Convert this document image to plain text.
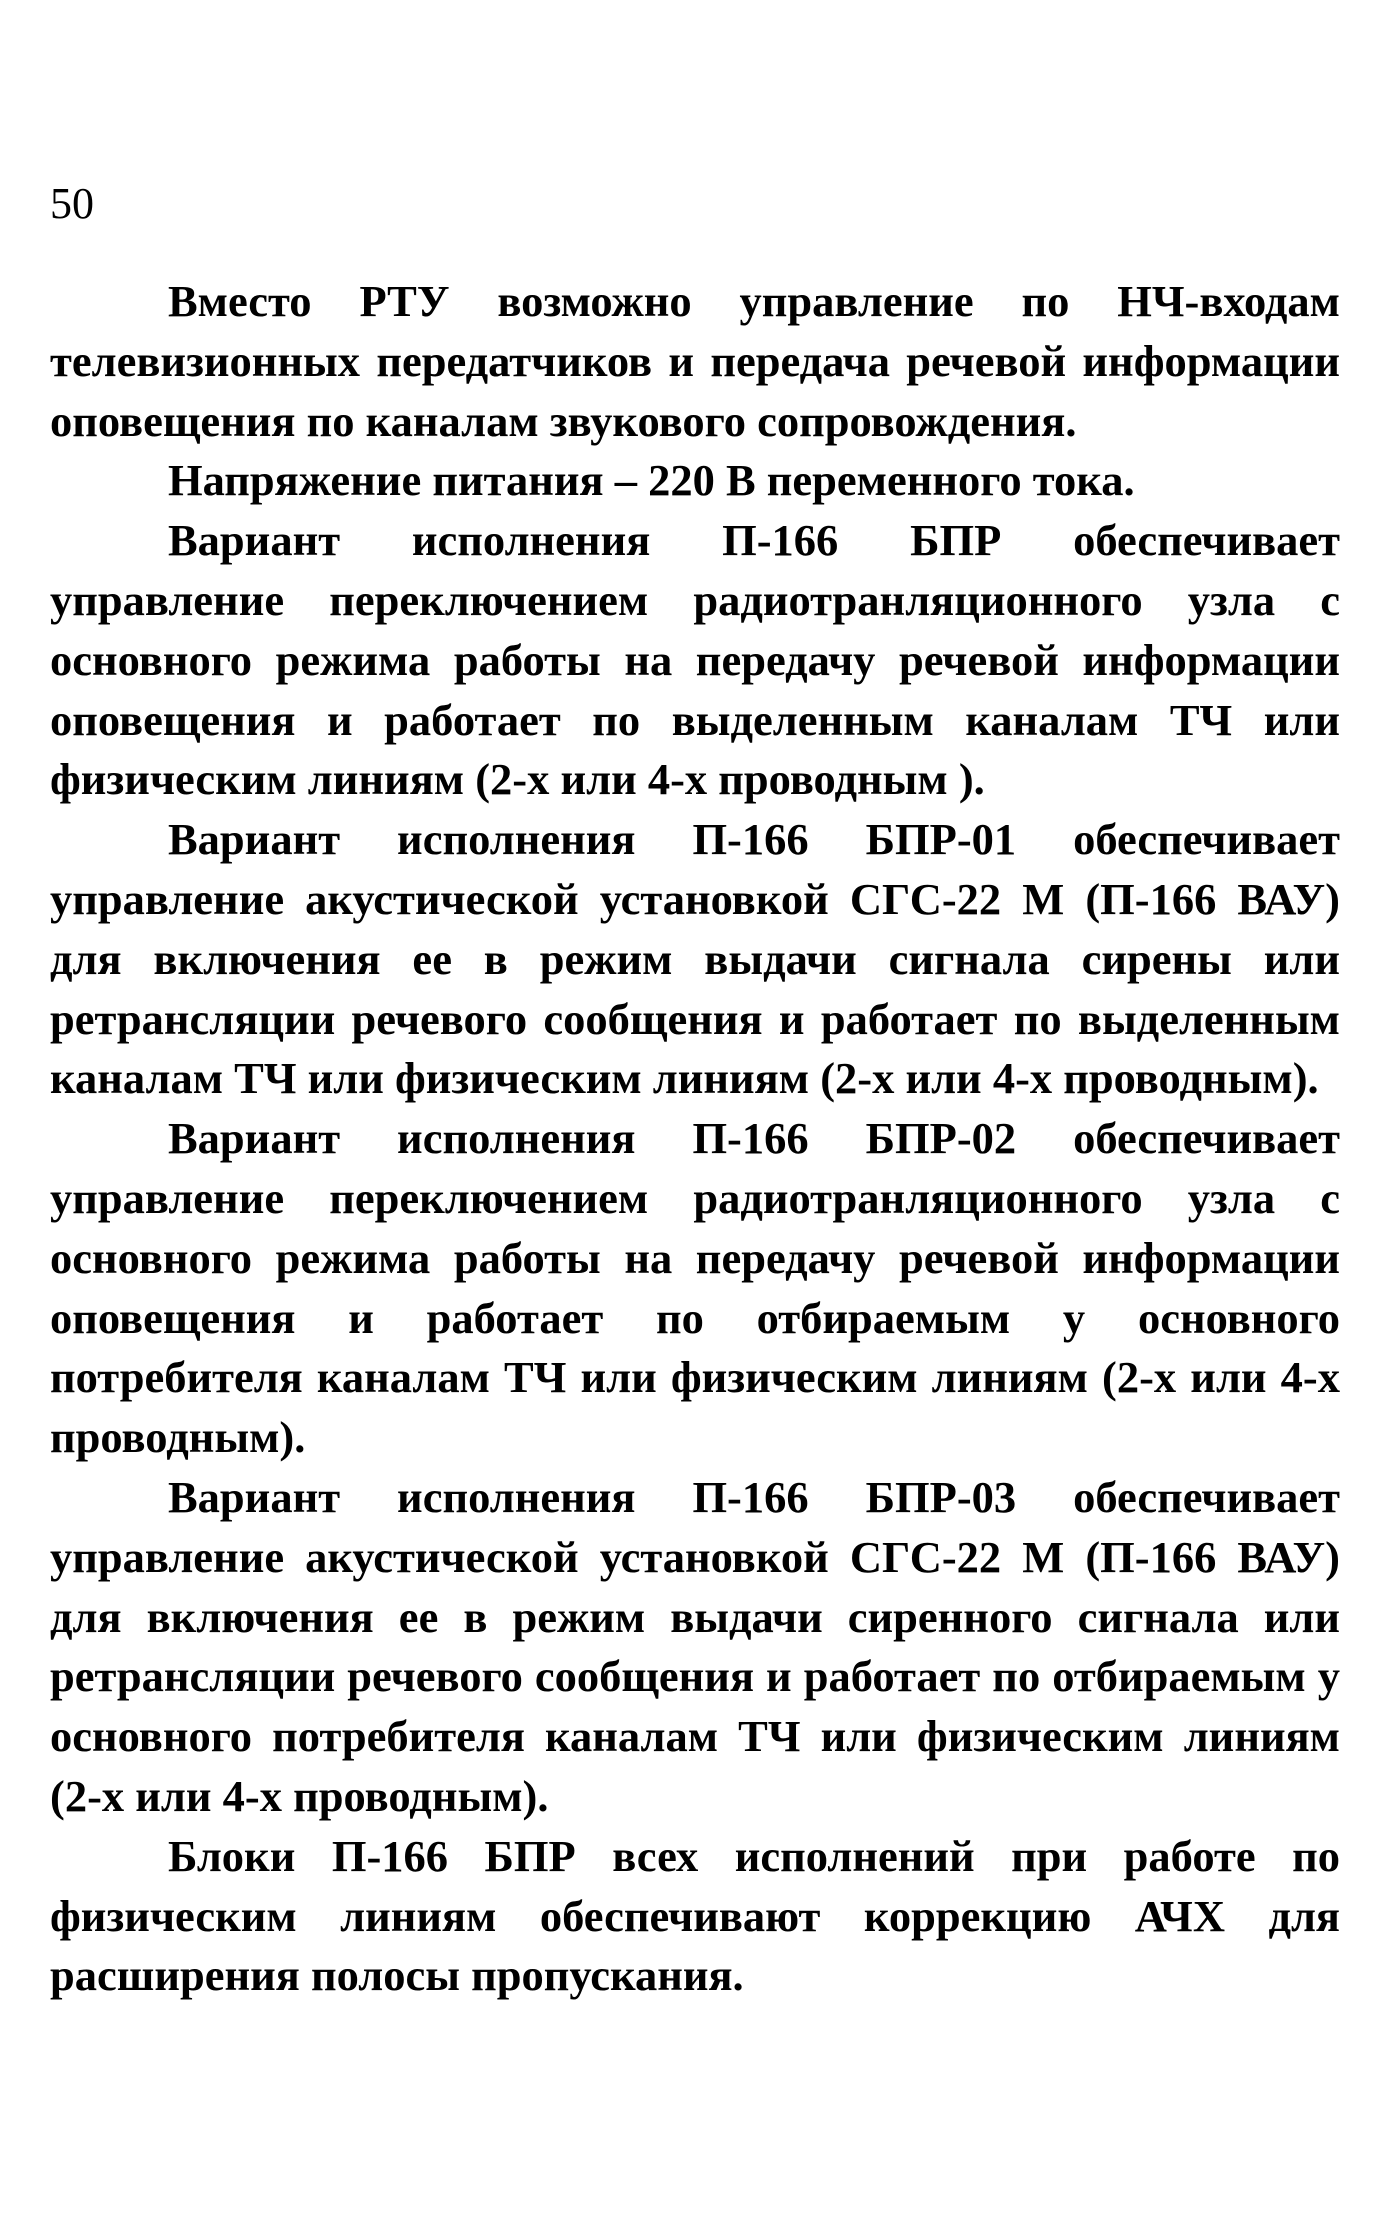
50

Вместо РТУ возможно управление по НЧ-входам телевизионных передатчиков и передача речевой информации оповещения по каналам звукового сопровождения.

Напряжение питания – 220 В переменного тока.

Вариант исполнения П-166 БПР обеспечивает управление переключением радиотранляционного узла с основного режима работы на передачу речевой информации оповещения и работает по выделенным каналам ТЧ или физическим линиям (2-х или 4-х проводным ).

Вариант исполнения П-166 БПР-01 обеспечивает управление акустической установкой СГС-22 М (П-166 ВАУ) для включения ее в режим выдачи сигнала сирены или ретрансляции речевого сообщения и работает по выделенным каналам ТЧ или физическим линиям (2-х или 4-х проводным).

Вариант исполнения П-166 БПР-02 обеспечивает управление переключением радиотранляционного узла с основного режима работы на передачу речевой информации оповещения и работает по отбираемым у основного потребителя каналам ТЧ или физическим линиям (2-х или 4-х проводным).

Вариант исполнения П-166 БПР-03 обеспечивает управление акустической установкой СГС-22 М (П-166 ВАУ) для включения ее в режим выдачи сиренного сигнала или ретрансляции речевого сообщения и работает по отбираемым у основного потребителя каналам ТЧ или физическим линиям (2-х или 4-х проводным).

Блоки П-166 БПР всех исполнений при работе по физическим линиям обеспечивают коррекцию АЧХ для расширения полосы пропускания.
